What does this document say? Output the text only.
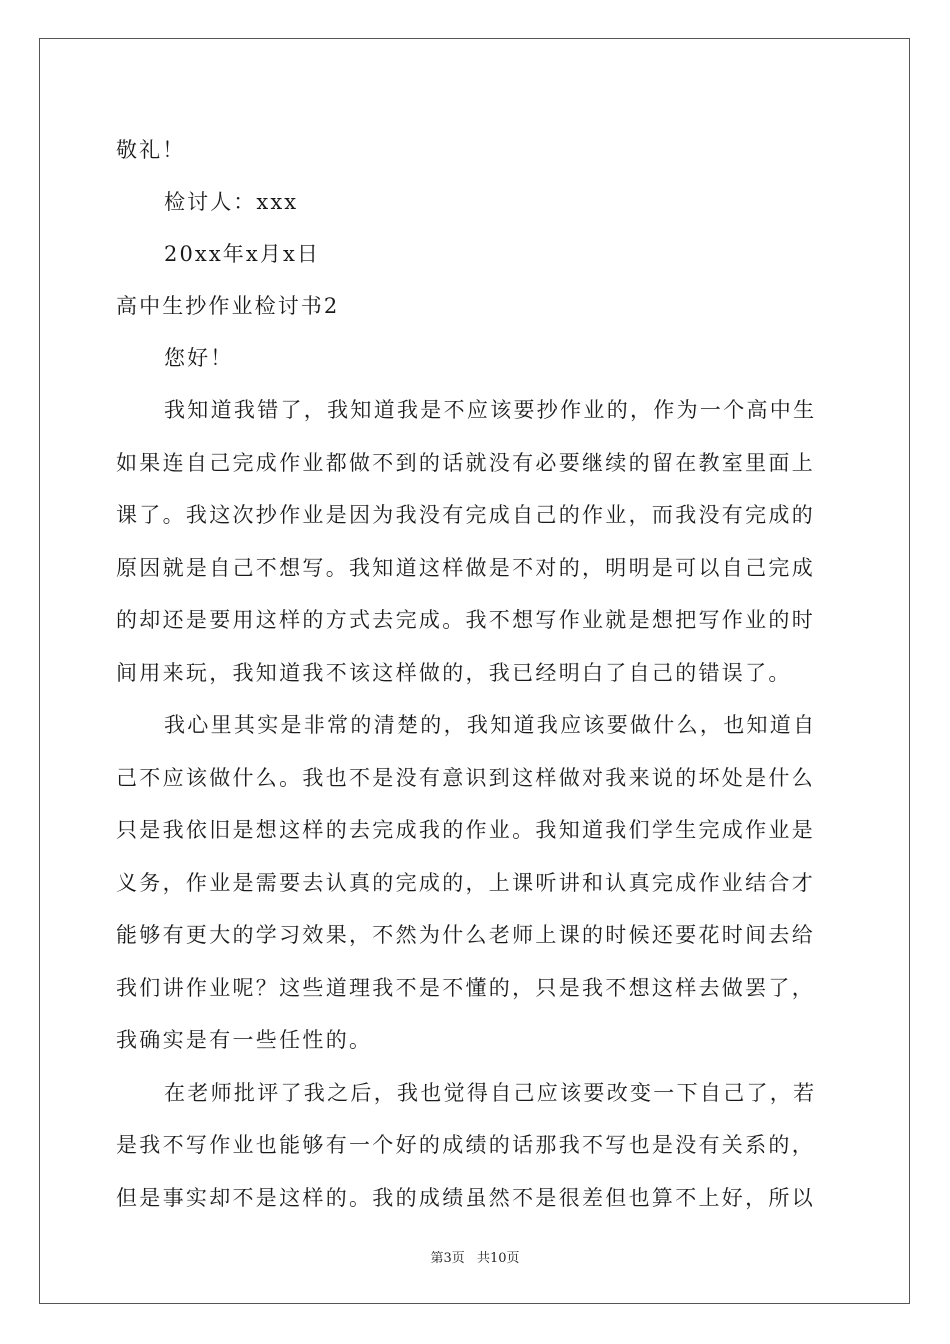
敬礼！
检讨人：xxx
20xx年x月x日
高中生抄作业检讨书2
您好！
我知道我错了，我知道我是不应该要抄作业的，作为一个高中生
如果连自己完成作业都做不到的话就没有必要继续的留在教室里面上
课了。我这次抄作业是因为我没有完成自己的作业，而我没有完成的
原因就是自己不想写。我知道这样做是不对的，明明是可以自己完成
的却还是要用这样的方式去完成。我不想写作业就是想把写作业的时
间用来玩，我知道我不该这样做的，我已经明白了自己的错误了。
我心里其实是非常的清楚的，我知道我应该要做什么，也知道自
己不应该做什么。我也不是没有意识到这样做对我来说的坏处是什么
只是我依旧是想这样的去完成我的作业。我知道我们学生完成作业是
义务，作业是需要去认真的完成的，上课听讲和认真完成作业结合才
能够有更大的学习效果，不然为什么老师上课的时候还要花时间去给
我们讲作业呢？这些道理我不是不懂的，只是我不想这样去做罢了，
我确实是有一些任性的。
在老师批评了我之后，我也觉得自己应该要改变一下自己了，若
是我不写作业也能够有一个好的成绩的话那我不写也是没有关系的，
但是事实却不是这样的。我的成绩虽然不是很差但也算不上好，所以
第3页 共10页
